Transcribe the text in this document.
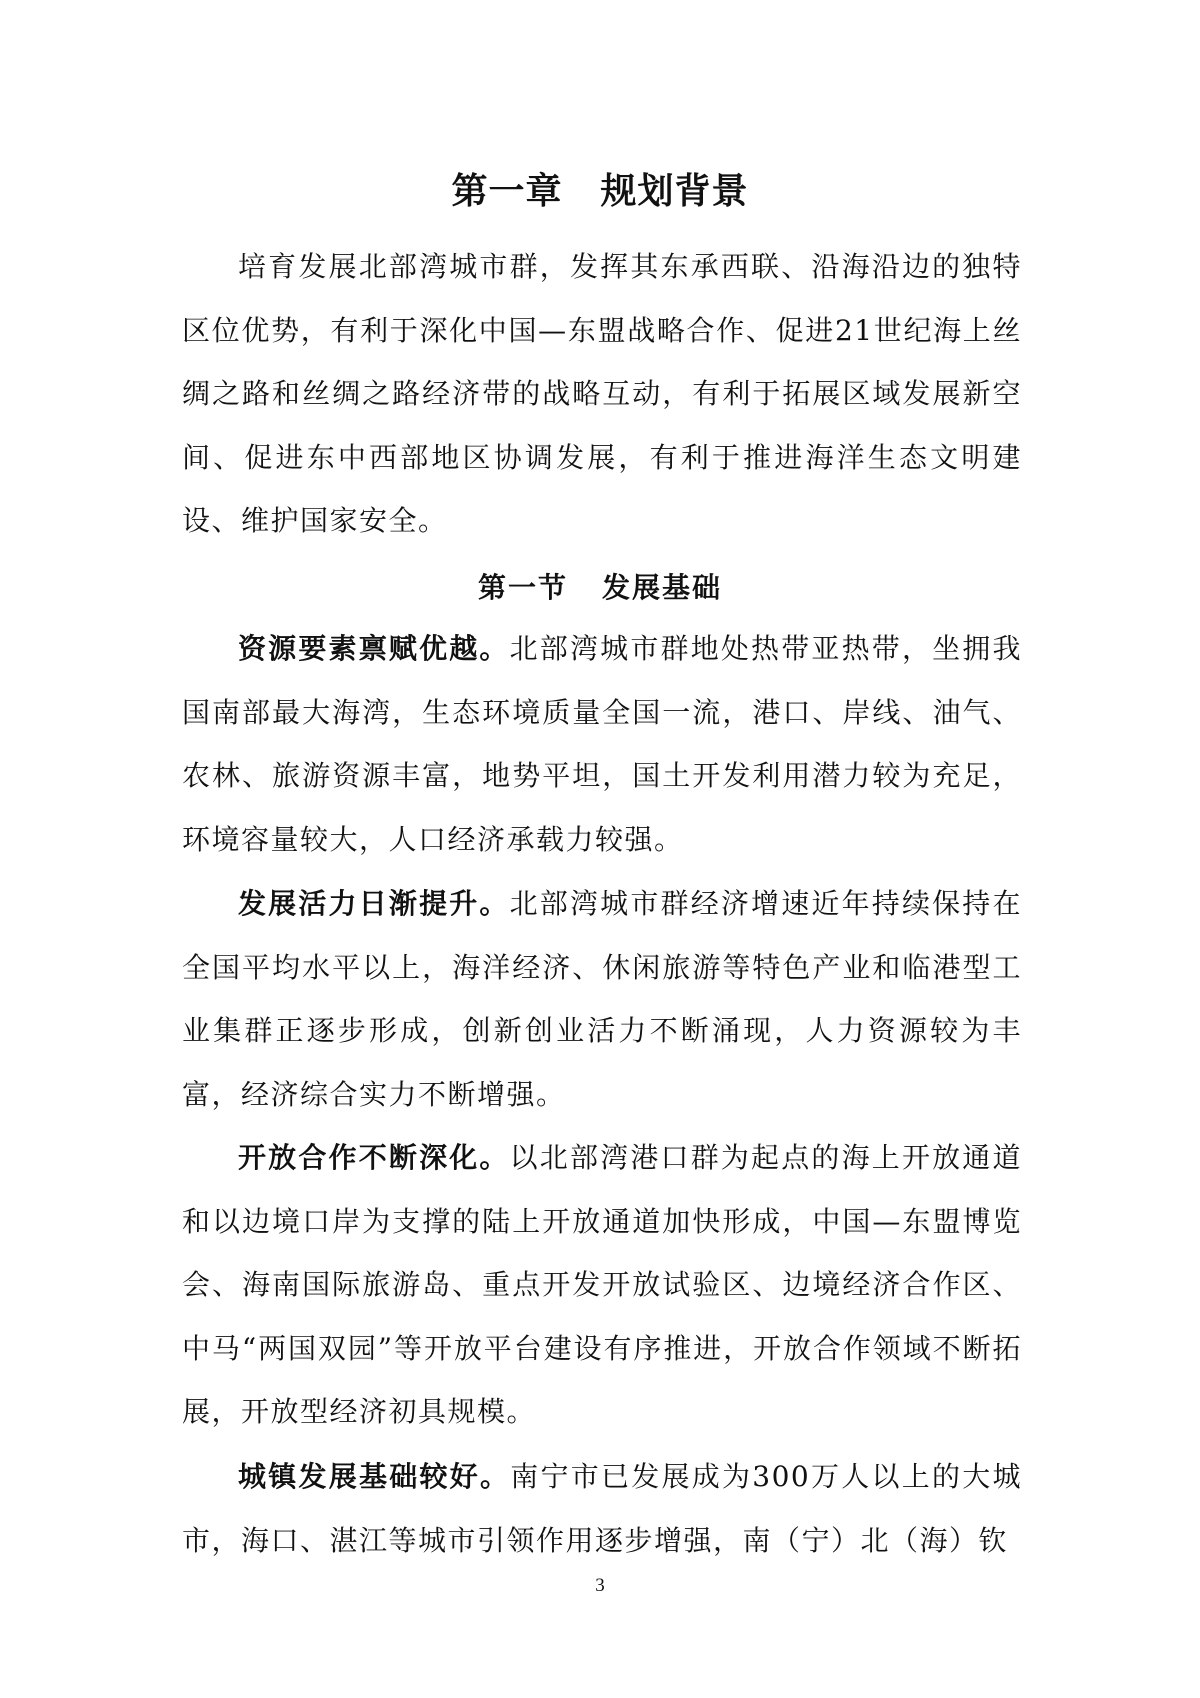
第一章 规划背景

培育发展北部湾城市群，发挥其东承西联、沿海沿边的独特区位优势，有利于深化中国—东盟战略合作、促进21世纪海上丝绸之路和丝绸之路经济带的战略互动，有利于拓展区域发展新空间、促进东中西部地区协调发展，有利于推进海洋生态文明建设、维护国家安全。

第一节 发展基础

资源要素禀赋优越。北部湾城市群地处热带亚热带，坐拥我国南部最大海湾，生态环境质量全国一流，港口、岸线、油气、农林、旅游资源丰富，地势平坦，国土开发利用潜力较为充足，环境容量较大，人口经济承载力较强。

发展活力日渐提升。北部湾城市群经济增速近年持续保持在全国平均水平以上，海洋经济、休闲旅游等特色产业和临港型工业集群正逐步形成，创新创业活力不断涌现，人力资源较为丰富，经济综合实力不断增强。

开放合作不断深化。以北部湾港口群为起点的海上开放通道和以边境口岸为支撑的陆上开放通道加快形成，中国—东盟博览会、海南国际旅游岛、重点开发开放试验区、边境经济合作区、中马“两国双园”等开放平台建设有序推进，开放合作领域不断拓展，开放型经济初具规模。

城镇发展基础较好。南宁市已发展成为300万人以上的大城市，海口、湛江等城市引领作用逐步增强，南（宁）北（海）钦

3
